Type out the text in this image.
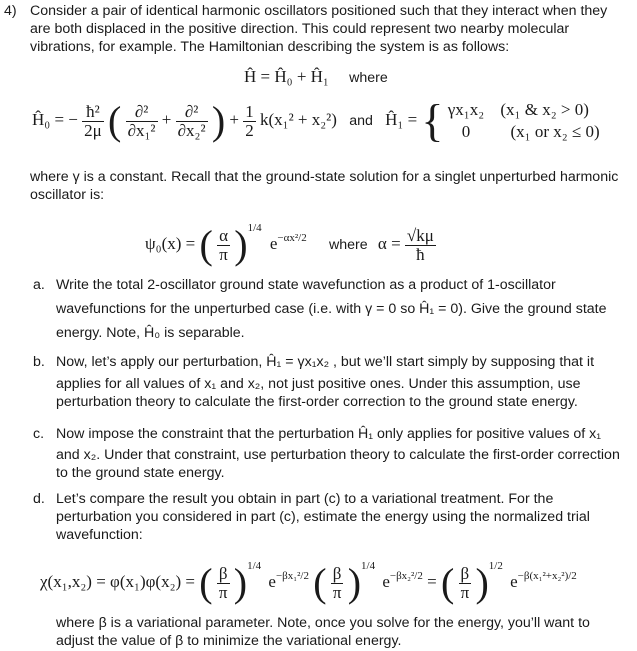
4) Consider a pair of identical harmonic oscillators positioned such that they interact when they
are both displaced in the positive direction. This could represent two nearby molecular
vibrations, for example. The Hamiltonian describing the system is as follows:
Ĥ = Ĥ₀ + Ĥ₁ where
Ĥ₀ = − $\frac{\text{ħ²}}{2\mu}$ ( $\frac{\text{∂²}}{\text{∂x₁²}} + \frac{\text{∂²}}{\text{∂x₂²}}$ ) + $\frac{1}{2} k(x_1^2 + x_2^2)$ and Ĥ₁ = { γx₁x₂ (x₁ & x₂ > 0)
0 (x₁ or x₂ ≤ 0)
where γ is a constant. Recall that the ground-state solution for a singlet unperturbed harmonic
oscillator is:
ψ₀(x) = ( $\frac{\alpha}{\pi} )^{1/4}$ $e^{-\alpha x^2/2}$ where $\alpha = \frac{√k\mu}{ħ}$
a. Write the total 2-oscillator ground state wavefunction as a product of 1-oscillator
wavefunctions for the unperturbed case (i.e. with γ = 0 so Ĥ₁ = 0). Give the ground state
energy. Note, Ĥ₀ is separable.
b. Now, let’s apply our perturbation, Ĥ₁ = γx₁x₂ , but we’ll start simply by supposing that it
applies for all values of x₁ and x₂, not just positive ones. Under this assumption, use
perturbation theory to calculate the first-order correction to the ground state energy.
c. Now impose the constraint that the perturbation Ĥ₁ only applies for positive values of x₁
and x₂. Under that constraint, use perturbation theory to calculate the first-order correction
to the ground state energy.
d. Let’s compare the result you obtain in part (c) to a variational treatment. For the
perturbation you considered in part (c), estimate the energy using the normalized trial
wavefunction:
χ(x₁,x₂) = φ(x₁)φ(x₂) = ( $\frac{\beta}{\pi} )^{1/4}$ $e^{-\beta x_1^2/2}$ ( $\frac{\beta}{\pi} )^{1/4}$ $e^{-\beta x_2^2/2}$ = ( $\frac{\beta}{\pi} )^{1/2}$ $e^{-\beta(x_1^2+x_2^2)/2}$
where β is a variational parameter. Note, once you solve for the energy, you’ll want to
adjust the value of β to minimize the variational energy.
